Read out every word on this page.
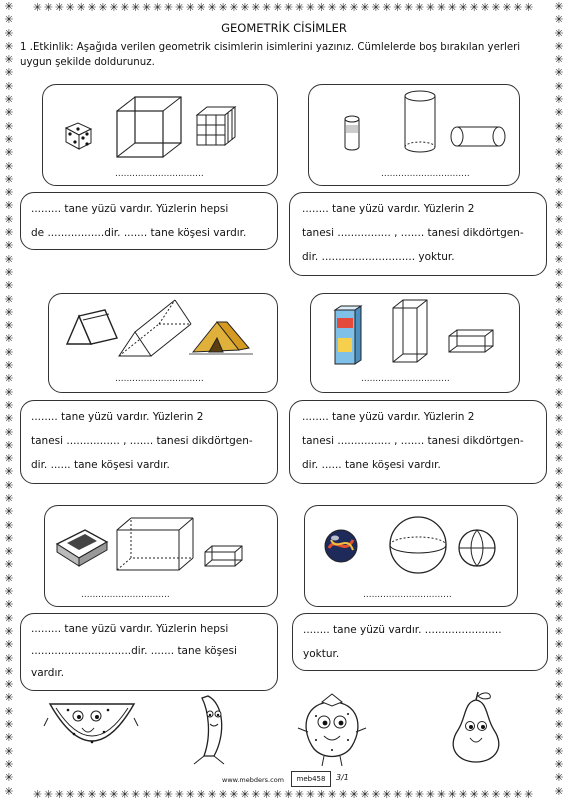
✳
✳
✳
✳
✳
✳
✳
✳
✳
✳
✳
✳
✳
✳
✳
✳
✳
✳
✳
✳
✳
✳
✳
✳
✳
✳
✳
✳
✳
✳
✳
✳
✳
✳
✳
✳
✳
✳
✳
✳
✳
✳
✳
✳
✳
✳
✳
✳
✳
✳
✳
✳
✳
✳
✳
✳
✳
✳
✳
✳
✳
✳
✳
✳
✳
✳
✳
✳
✳
✳
✳
✳
✳
✳
✳
✳
✳
✳
✳
✳
✳
✳
✳
✳
✳
✳
✳
✳
✳
✳
✳
✳
✳
✳
✳
✳
✳
✳
✳
✳
✳
✳
✳
✳
✳
✳
✳
✳
✳
✳
✳
✳
✳
✳
✳
✳
✳
✳
✳
✳
✳✳✳✳✳✳✳✳✳✳✳✳✳✳✳✳✳✳✳✳✳✳✳✳✳✳✳✳✳✳✳✳✳✳✳✳✳✳✳✳✳✳✳✳✳✳
✳✳✳✳✳✳✳✳✳✳✳✳✳✳✳✳✳✳✳✳✳✳✳✳✳✳✳✳✳✳✳✳✳✳✳✳✳✳✳✳✳✳✳✳✳✳
GEOMETRİK CİSİMLER
1 .Etkinlik: Aşağıda verilen geometrik cisimlerin isimlerini yazınız. Cümlelerde boş bırakılan yerleri uygun şekilde doldurunuz.
...............................
......... tane yüzü vardır. Yüzlerin hepsi
de .................dir. ....... tane köşesi vardır.
...............................
........ tane yüzü vardır. Yüzlerin 2
tanesi ................ , ....... tanesi dikdörtgen-
dir. ............................ yoktur.
...............................
........ tane yüzü vardır. Yüzlerin 2
tanesi ................ , ....... tanesi dikdörtgen-
dir. ...... tane köşesi vardır.
...............................
........ tane yüzü vardır. Yüzlerin 2
tanesi ................ , ....... tanesi dikdörtgen-
dir. ...... tane köşesi vardır.
...............................
......... tane yüzü vardır. Yüzlerin hepsi
..............................dir. ....... tane köşesi
vardır.
...............................
........ tane yüzü vardır. .......................
yoktur.
www.mebders.com	meb458	3/1
